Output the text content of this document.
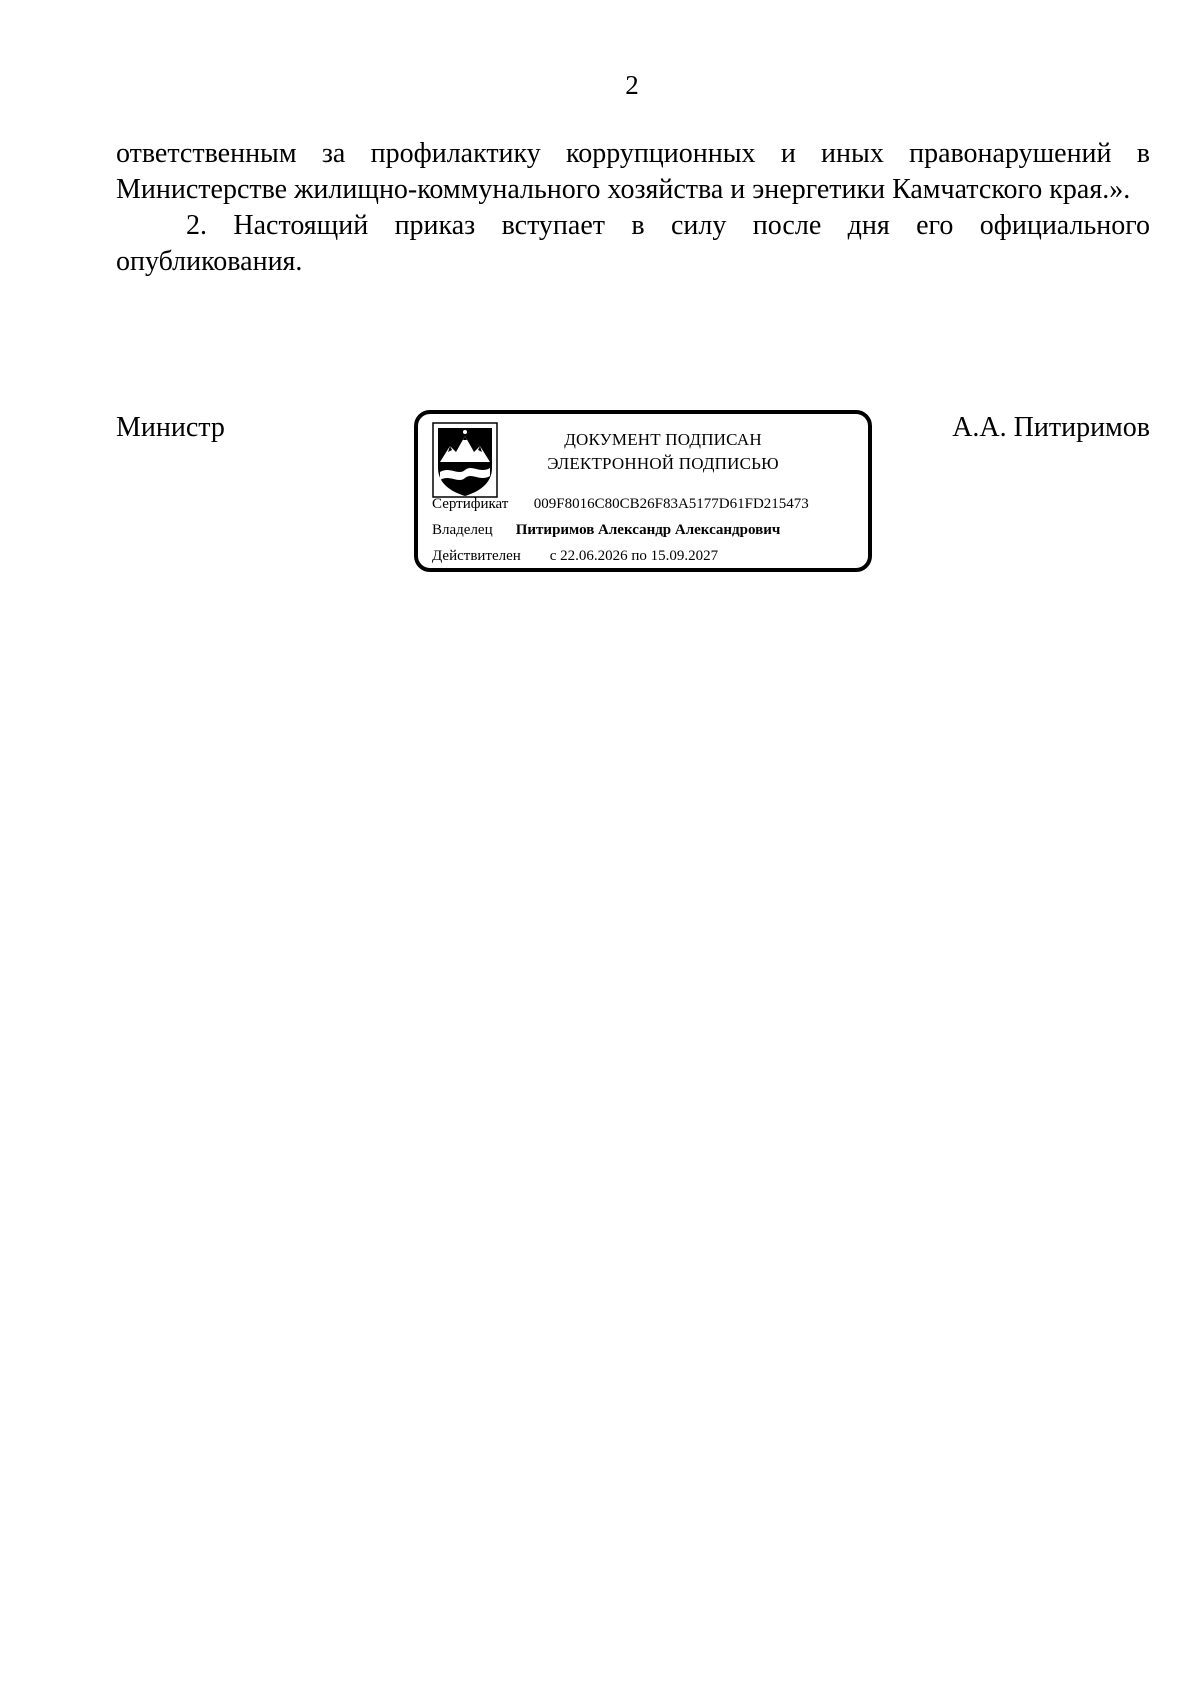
2

ответственным за профилактику коррупционных и иных правонарушений в Министерстве жилищно-коммунального хозяйства и энергетики Камчатского края.».

2. Настоящий приказ вступает в силу после дня его официального опубликования.

Министр	А.А. Питиримов
ДОКУМЕНТ ПОДПИСАН
ЭЛЕКТРОННОЙ ПОДПИСЬЮ
Сертификат 009F8016C80CB26F83A5177D61FD215473
Владелец Питиримов Александр Александрович
Действителен с 22.06.2026 по 15.09.2027
